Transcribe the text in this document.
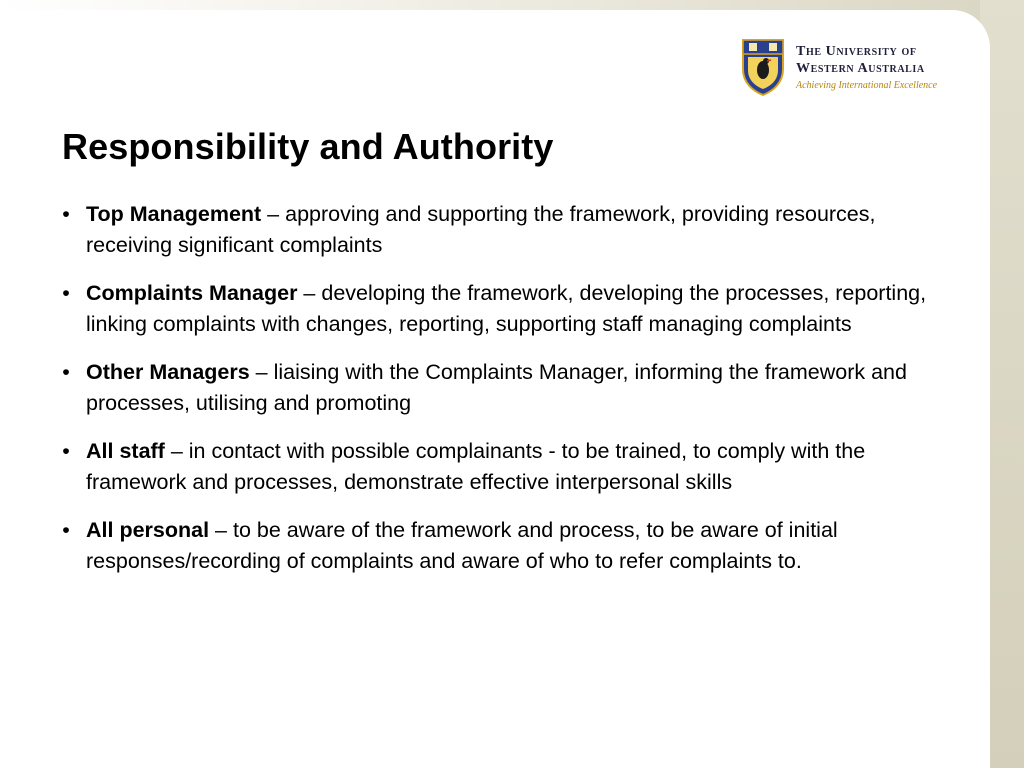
The University of
Western Australia
Achieving International Excellence
Responsibility and Authority
• Top Management – approving and supporting the framework, providing resources, receiving significant complaints
• Complaints Manager – developing the framework, developing the processes, reporting, linking complaints with changes, reporting, supporting staff managing complaints
• Other Managers – liaising with the Complaints Manager, informing the framework and processes, utilising and promoting
• All staff – in contact with possible complainants - to be trained, to comply with the framework and processes, demonstrate effective interpersonal skills
• All personal – to be aware of the framework and process, to be aware of initial responses/recording of complaints and aware of who to refer complaints to.
